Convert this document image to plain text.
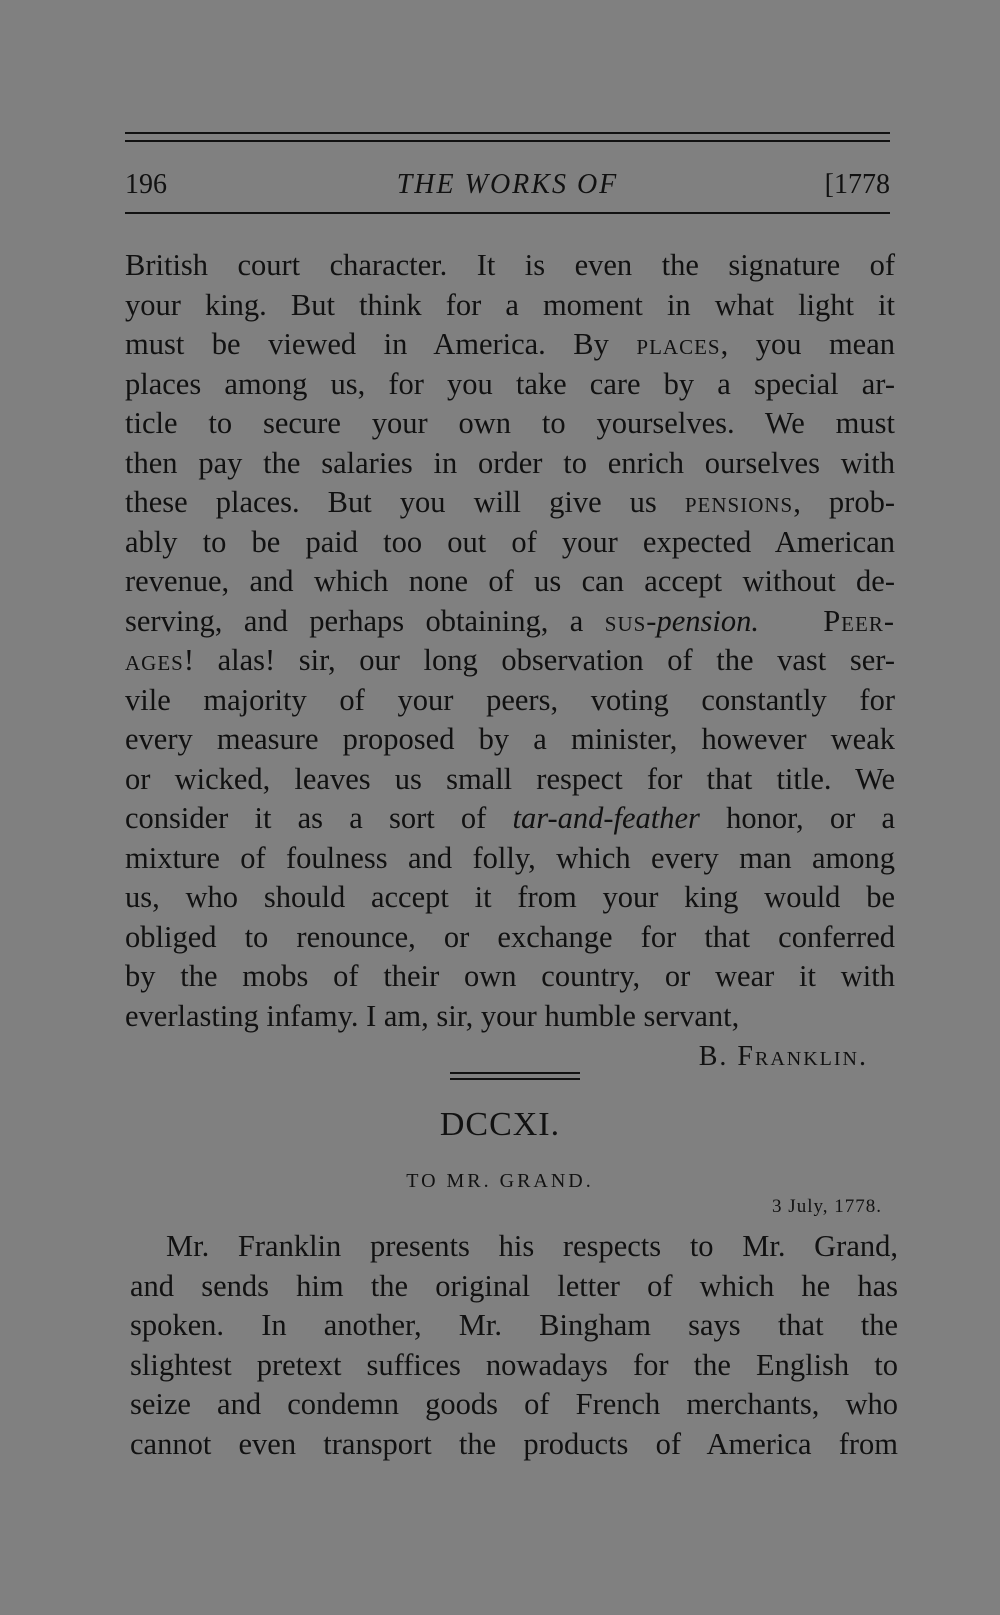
196	THE WORKS OF	[1778
British court character. It is even the signature of
your king. But think for a moment in what light it
must be viewed in America. By places, you mean
places among us, for you take care by a special ar-
ticle to secure your own to yourselves. We must
then pay the salaries in order to enrich ourselves with
these places. But you will give us pensions, prob-
ably to be paid too out of your expected American
revenue, and which none of us can accept without de-
serving, and perhaps obtaining, a sus-pension. Peer-
ages! alas! sir, our long observation of the vast ser-
vile majority of your peers, voting constantly for
every measure proposed by a minister, however weak
or wicked, leaves us small respect for that title. We
consider it as a sort of tar-and-feather honor, or a
mixture of foulness and folly, which every man among
us, who should accept it from your king would be
obliged to renounce, or exchange for that conferred
by the mobs of their own country, or wear it with
everlasting infamy. I am, sir, your humble servant,
B. Franklin.
DCCXI.
TO MR. GRAND.
3 July, 1778.
Mr. Franklin presents his respects to Mr. Grand,
and sends him the original letter of which he has
spoken. In another, Mr. Bingham says that the
slightest pretext suffices nowadays for the English to
seize and condemn goods of French merchants, who
cannot even transport the products of America from
